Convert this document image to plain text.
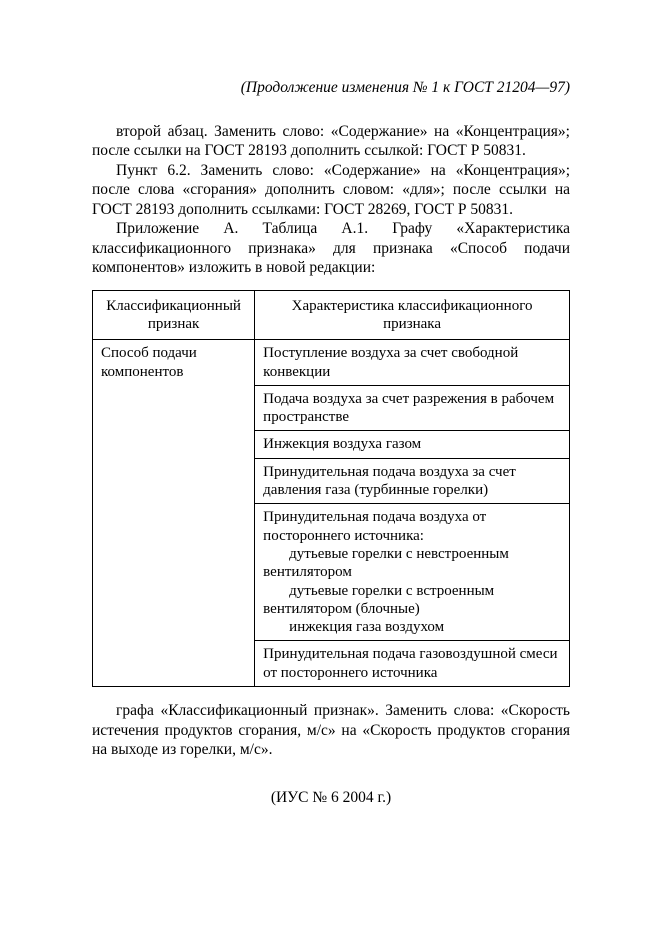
(Продолжение изменения № 1 к ГОСТ 21204—97)

второй абзац. Заменить слово: «Содержание» на «Концентрация»; после ссылки на ГОСТ 28193 дополнить ссылкой: ГОСТ Р 50831.

Пункт 6.2. Заменить слово: «Содержание» на «Концентрация»; после слова «сгорания» дополнить словом: «для»; после ссылки на ГОСТ 28193 дополнить ссылками: ГОСТ 28269, ГОСТ Р 50831.

Приложение А. Таблица А.1. Графу «Характеристика классификационного признака» для признака «Способ подачи компонентов» изложить в новой редакции:

Классификационный признак	Характеристика классификационного признака
Способ подачи компонентов	Поступление воздуха за счет свободной конвекции
	Подача воздуха за счет разрежения в рабочем пространстве
	Инжекция воздуха газом
	Принудительная подача воздуха за счет давления газа (турбинные горелки)

	Принудительная подача воздуха от постороннего источника:
дутьевые горелки с невстроенным вентилятором
дутьевые горелки с встроенным вентилятором (блочные)
инжекция газа воздухом

	Принудительная подача газовоздушной смеси от постороннего источника

графа «Классификационный признак». Заменить слова: «Скорость истечения продуктов сгорания, м/с» на «Скорость продуктов сгорания на выходе из горелки, м/с».

(ИУС № 6 2004 г.)
